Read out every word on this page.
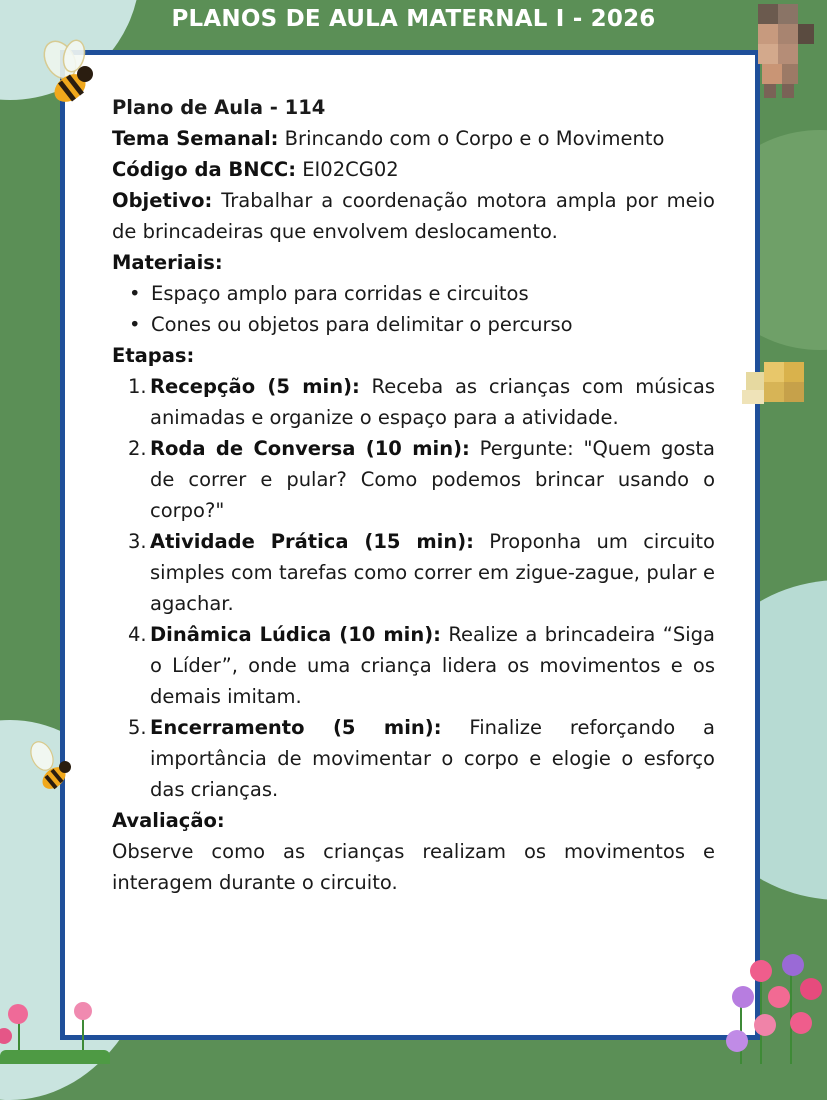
PLANOS DE AULA MATERNAL I - 2026

Plano de Aula - 114

Tema Semanal: Brincando com o Corpo e o Movimento

Código da BNCC: EI02CG02

Objetivo: Trabalhar a coordenação motora ampla por meio de brincadeiras que envolvem deslocamento.

Materiais:

• Espaço amplo para corridas e circuitos
• Cones ou objetos para delimitar o percurso

Etapas:

1. Recepção (5 min): Receba as crianças com músicas animadas e organize o espaço para a atividade.
2. Roda de Conversa (10 min): Pergunte: "Quem gosta de correr e pular? Como podemos brincar usando o corpo?"
3. Atividade Prática (15 min): Proponha um circuito simples com tarefas como correr em zigue-zague, pular e agachar.
4. Dinâmica Lúdica (10 min): Realize a brincadeira “Siga o Líder”, onde uma criança lidera os movimentos e os demais imitam.
5. Encerramento (5 min): Finalize reforçando a importância de movimentar o corpo e elogie o esforço das crianças.

Avaliação:

Observe como as crianças realizam os movimentos e interagem durante o circuito.
